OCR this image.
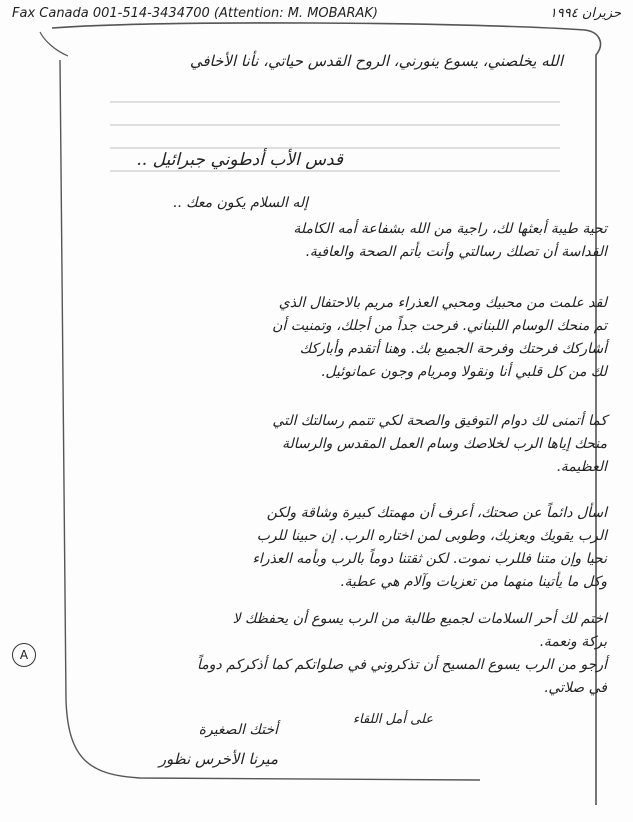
Fax Canada 001-514-3434700 (Attention: M. MOBARAK)	حزيران ١٩٩٤
الله يخلصني، يسوع ينورني، الروح القدس حياتي، نأنا الأخافي
قدس الأب أدطوني جبرائيل ..
إله السلام يكون معك ..
تحية طيبة أبعثها لك، راجية من الله بشفاعة أمه الكاملة
القداسة أن تصلك رسالتي وأنت بأتم الصحة والعافية.
لقد علمت من محبيك ومحبي العذراء مريم بالاحتفال الذي
تم منحك الوسام اللبناني. فرحت جداً من أجلك، وتمنيت أن
أشاركك فرحتك وفرحة الجميع بك. وهنا أتقدم وأباركك
لك من كل قلبي أنا ونقولا ومريام وجون عمانوئيل.
كما أتمنى لك دوام التوفيق والصحة لكي تتمم رسالتك التي
منحك إياها الرب لخلاصك وسام العمل المقدس والرسالة
العظيمة.
اسأل دائماً عن صحتك، أعرف أن مهمتك كبيرة وشاقة ولكن
الرب يقويك ويعزيك، وطوبى لمن اختاره الرب. إن حبينا للرب
نحيا وإن متنا فللرب نموت. لكن ثقتنا دوماً بالرب وبأمه العذراء
وكل ما يأتينا منهما من تعزيات وآلام هي عطية.
اختم لك أحر السلامات لجميع طالبة من الرب يسوع أن يحفظك لا
بركة ونعمة.
أرجو من الرب يسوع المسيح أن تذكروني في صلواتكم كما أذكركم دوماً
في صلاتي.
A
على أمل اللقاء
أختك الصغيرة
ميرنا الأخرس نظور
